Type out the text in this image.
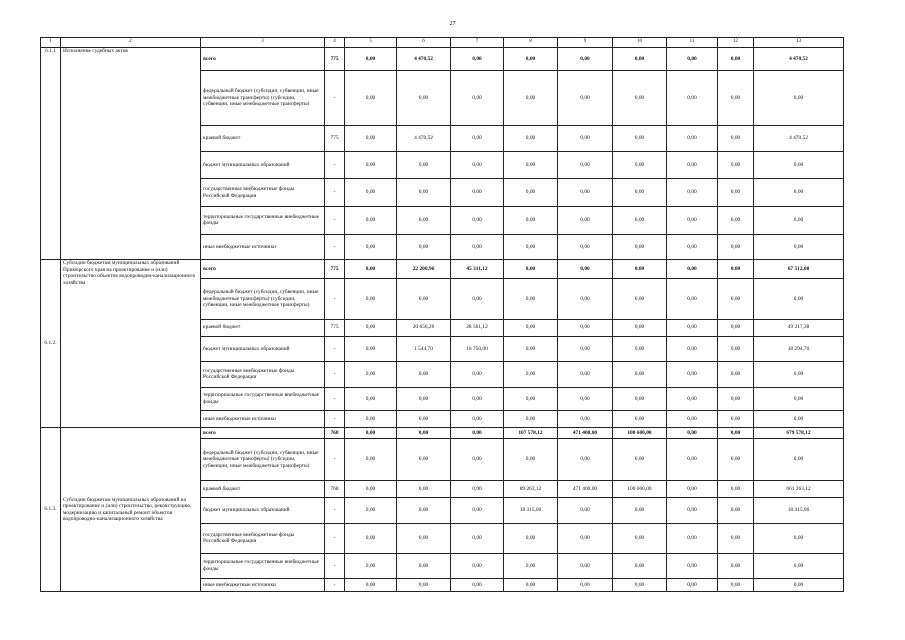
27
1	2	3	4	5	6	7	8	9	10	11	12	13
6.1.1	Исполнение судебных актов	всего	775	0,00	4 470,52	0,00	0,00	0,00	0,00	0,00	0,00	4 470,52
		федеральный бюджет (субсидии, субвенции, иные межбюджетные трансферты) (субсидии, субвенции, иные межбюджетные трансферты)	-	0,00	0,00	0,00	0,00	0,00	0,00	0,00	0,00	0,00
		краевой бюджет	775	0,00	4 470,52	0,00	0,00	0,00	0,00	0,00	0,00	4 470,52
		бюджет муниципальных образований	-	0,00	0,00	0,00	0,00	0,00	0,00	0,00	0,00	0,00
		государственные внебюджетные фонды Российской Федерации	-	0,00	0,00	0,00	0,00	0,00	0,00	0,00	0,00	0,00
		территориальные государственные внебюджетные фонды	-	0,00	0,00	0,00	0,00	0,00	0,00	0,00	0,00	0,00
		иные внебюджетные источники	-	0,00	0,00	0,00	0,00	0,00	0,00	0,00	0,00	0,00
6.1.2.	Субсидии бюджетам муниципальных образований Приморского края на проектирование и (или) строительство объектов водопроводно-канализационного хозяйства	всего	775	0,00	22 200,96	45 311,12	0,00	0,00	0,00	0,00	0,00	67 512,08
		федеральный бюджет (субсидии, субвенции, иные межбюджетные трансферты) (субсидии, субвенции, иные межбюджетные трансферты)	-	0,00	0,00	0,00	0,00	0,00	0,00	0,00	0,00	0,00
		краевой бюджет	775	0,00	20 656,26	28 561,12	0,00	0,00	0,00	0,00	0,00	49 217,38
		бюджет муниципальных образований	-	0,00	1 544,70	16 750,00	0,00	0,00	0,00	0,00	0,00	18 294,70
		государственные внебюджетные фонды Российской Федерации	-	0,00	0,00	0,00	0,00	0,00	0,00	0,00	0,00	0,00
		территориальные государственные внебюджетные фонды	-	0,00	0,00	0,00	0,00	0,00	0,00	0,00	0,00	0,00
		иные внебюджетные источники	-	0,00	0,00	0,00	0,00	0,00	0,00	0,00	0,00	0,00
6.1.3.	Субсидии бюджетам муниципальных образований на проектирование и (или) строительство, реконструкцию, модернизацию и капитальный ремонт объектов водопроводно-канализационного хозяйства	всего	768	0,00	0,00	0,00	107 578,12	471 400,00	100 600,00	0,00	0,00	679 578,12
		федеральный бюджет (субсидии, субвенции, иные межбюджетные трансферты) (субсидии, субвенции, иные межбюджетные трансферты)	-	0,00	0,00	0,00	0,00	0,00	0,00	0,00	0,00	0,00
		краевой бюджет	768	0,00	0,00	0,00	89 263,12	471 400,00	100 600,00	0,00	0,00	661 263,12
		бюджет муниципальных образований	-	0,00	0,00	0,00	18 315,00	0,00	0,00	0,00	0,00	18 315,00
		государственные внебюджетные фонды Российской Федерации	-	0,00	0,00	0,00	0,00	0,00	0,00	0,00	0,00	0,00
		территориальные государственные внебюджетные фонды	-	0,00	0,00	0,00	0,00	0,00	0,00	0,00	0,00	0,00
		иные внебюджетные источники	-	0,00	0,00	0,00	0,00	0,00	0,00	0,00	0,00	0,00
